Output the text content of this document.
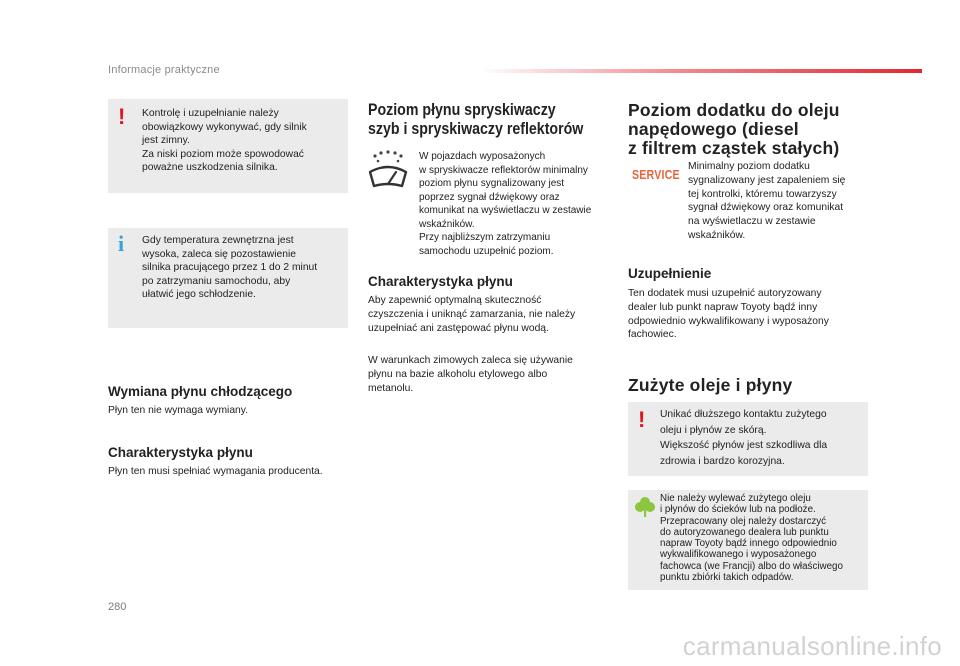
Informacje praktyczne
! Kontrolę i uzupełnianie należy
obowiązkowy wykonywać, gdy silnik
jest zimny.
Za niski poziom może spowodować
poważne uszkodzenia silnika.
i Gdy temperatura zewnętrzna jest
wysoka, zaleca się pozostawienie
silnika pracującego przez 1 do 2 minut
po zatrzymaniu samochodu, aby
ułatwić jego schłodzenie.
Wymiana płynu chłodzącego

Płyn ten nie wymaga wymiany.

Charakterystyka płynu

Płyn ten musi spełniać wymagania producenta.

Poziom płynu spryskiwaczy
szyb i spryskiwaczy reflektorów

W pojazdach wyposażonych
w spryskiwacze reflektorów minimalny
poziom płynu sygnalizowany jest
poprzez sygnał dźwiękowy oraz
komunikat na wyświetlaczu w zestawie
wskaźników.
Przy najbliższym zatrzymaniu
samochodu uzupełnić poziom.

Charakterystyka płynu

Aby zapewnić optymalną skuteczność
czyszczenia i uniknąć zamarzania, nie należy
uzupełniać ani zastępować płynu wodą.

W warunkach zimowych zaleca się używanie
płynu na bazie alkoholu etylowego albo
metanolu.

Poziom dodatku do oleju
napędowego (diesel
z filtrem cząstek stałych)
SERVICE

Minimalny poziom dodatku
sygnalizowany jest zapaleniem się
tej kontrolki, któremu towarzyszy
sygnał dźwiękowy oraz komunikat
na wyświetlaczu w zestawie
wskaźników.

Uzupełnienie

Ten dodatek musi uzupełnić autoryzowany
dealer lub punkt napraw Toyoty bądź inny
odpowiednio wykwalifikowany i wyposażony
fachowiec.

Zużyte oleje i płyny
! Unikać dłuższego kontaktu zużytego
oleju i płynów ze skórą.
Większość płynów jest szkodliwa dla
zdrowia i bardzo korozyjna.
Nie należy wylewać zużytego oleju
i płynów do ścieków lub na podłoże.
Przepracowany olej należy dostarczyć
do autoryzowanego dealera lub punktu
napraw Toyoty bądź innego odpowiednio
wykwalifikowanego i wyposażonego
fachowca (we Francji) albo do właściwego
punktu zbiórki takich odpadów.
280
carmanualsonline.info
